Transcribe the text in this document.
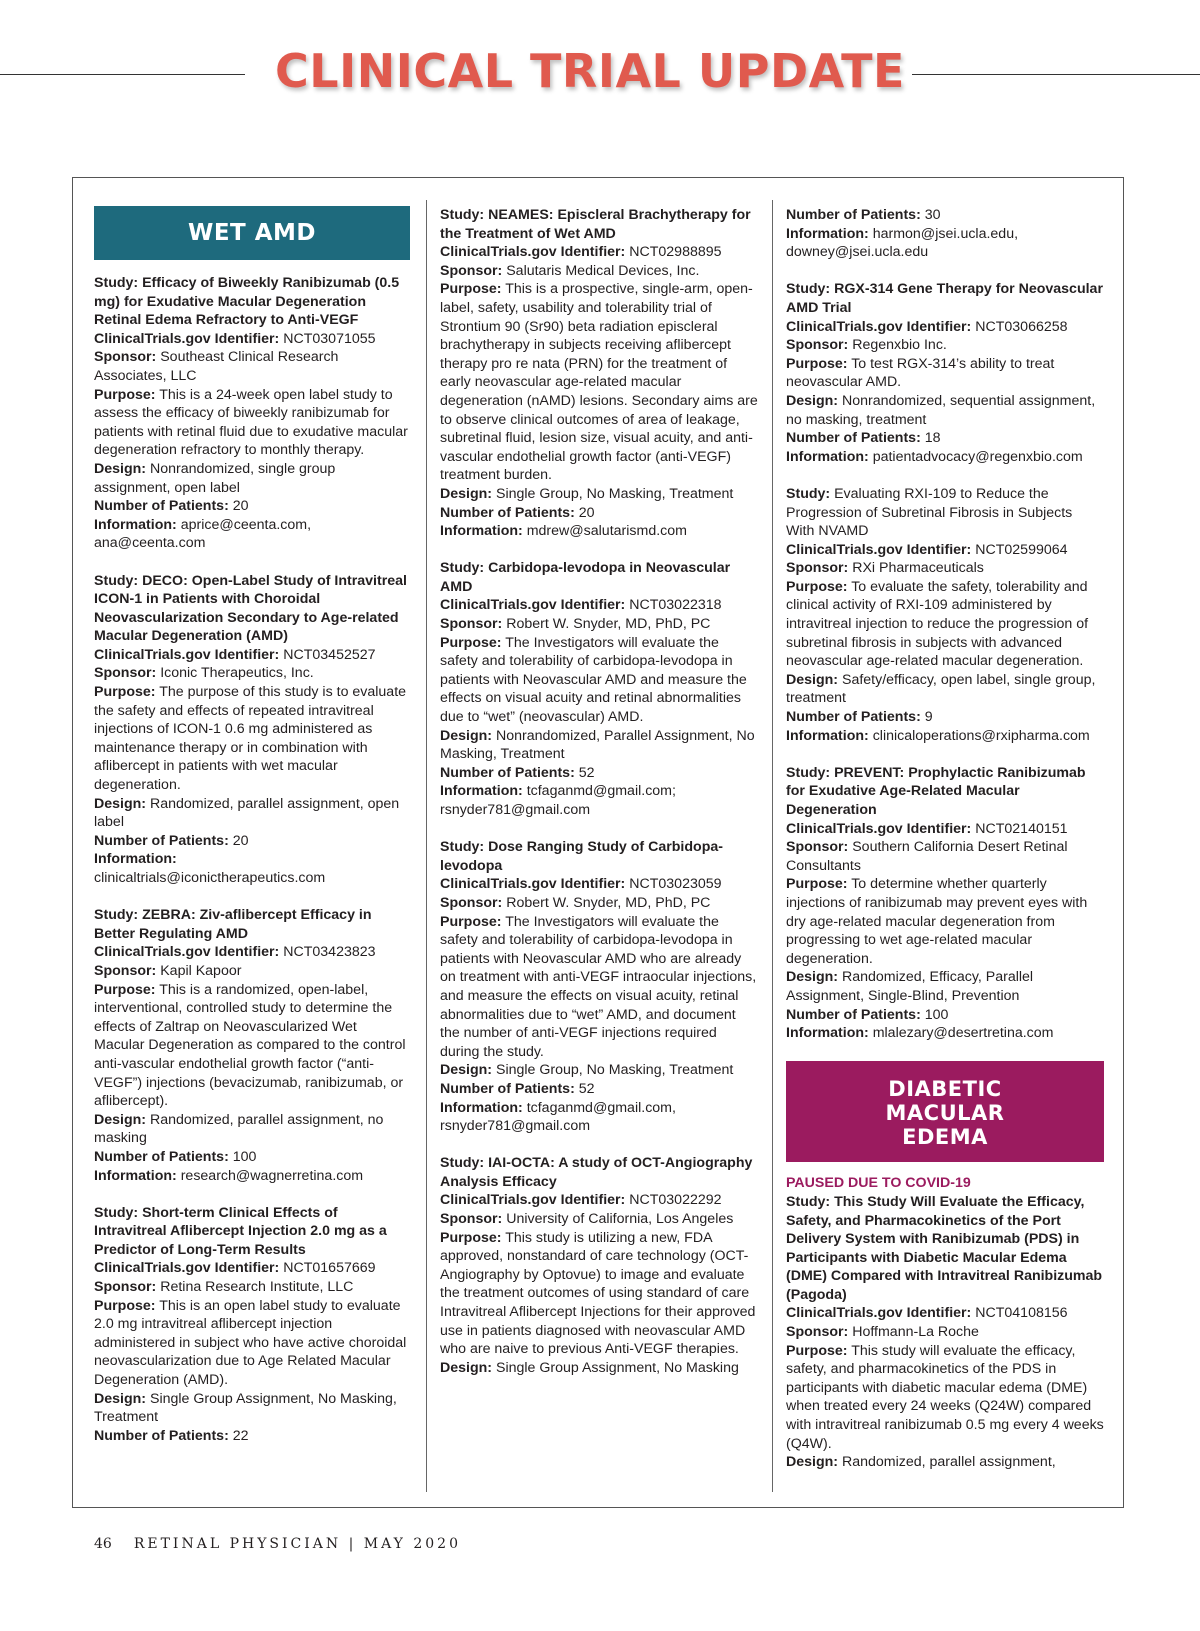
CLINICAL TRIAL UPDATE
WET AMD

Study: Efficacy of Biweekly Ranibizumab (0.5 mg) for Exudative Macular Degeneration Retinal Edema Refractory to Anti-VEGF

ClinicalTrials.gov Identifier: NCT03071055

Sponsor: Southeast Clinical Research Associates, LLC

Purpose: This is a 24-week open label study to assess the efficacy of biweekly ranibizumab for patients with retinal fluid due to exudative macular degeneration refractory to monthly therapy.

Design: Nonrandomized, single group assignment, open label

Number of Patients: 20

Information: aprice@ceenta.com, ana@ceenta.com

Study: DECO: Open-Label Study of Intravitreal ICON-1 in Patients with Choroidal Neovascularization Secondary to Age-related Macular Degeneration (AMD)

ClinicalTrials.gov Identifier: NCT03452527

Sponsor: Iconic Therapeutics, Inc.

Purpose: The purpose of this study is to evaluate the safety and effects of repeated intravitreal injections of ICON-1 0.6 mg administered as maintenance therapy or in combination with aflibercept in patients with wet macular degeneration.

Design: Randomized, parallel assignment, open label

Number of Patients: 20

Information: clinicaltrials@iconictherapeutics.com

Study: ZEBRA: Ziv-aflibercept Efficacy in Better Regulating AMD

ClinicalTrials.gov Identifier: NCT03423823

Sponsor: Kapil Kapoor

Purpose: This is a randomized, open-label, interventional, controlled study to determine the effects of Zaltrap on Neovascularized Wet Macular Degeneration as compared to the control anti-vascular endothelial growth factor (“anti-VEGF”) injections (bevacizumab, ranibizumab, or aflibercept).

Design: Randomized, parallel assignment, no masking

Number of Patients: 100

Information: research@wagnerretina.com

Study: Short-term Clinical Effects of Intravitreal Aflibercept Injection 2.0 mg as a Predictor of Long-Term Results

ClinicalTrials.gov Identifier: NCT01657669

Sponsor: Retina Research Institute, LLC

Purpose: This is an open label study to evaluate 2.0 mg intravitreal aflibercept injection administered in subject who have active choroidal neovascularization due to Age Related Macular Degeneration (AMD).

Design: Single Group Assignment, No Masking, Treatment

Number of Patients: 22

Study: NEAMES: Episcleral Brachytherapy for the Treatment of Wet AMD

ClinicalTrials.gov Identifier: NCT02988895

Sponsor: Salutaris Medical Devices, Inc.

Purpose: This is a prospective, single-arm, open-label, safety, usability and tolerability trial of Strontium 90 (Sr90) beta radiation episcleral brachytherapy in subjects receiving aflibercept therapy pro re nata (PRN) for the treatment of early neovascular age-related macular degeneration (nAMD) lesions. Secondary aims are to observe clinical outcomes of area of leakage, subretinal fluid, lesion size, visual acuity, and anti-vascular endothelial growth factor (anti-VEGF) treatment burden.

Design: Single Group, No Masking, Treatment

Number of Patients: 20

Information: mdrew@salutarismd.com

Study: Carbidopa-levodopa in Neovascular AMD

ClinicalTrials.gov Identifier: NCT03022318

Sponsor: Robert W. Snyder, MD, PhD, PC

Purpose: The Investigators will evaluate the safety and tolerability of carbidopa-levodopa in patients with Neovascular AMD and measure the effects on visual acuity and retinal abnormalities due to “wet” (neovascular) AMD.

Design: Nonrandomized, Parallel Assignment, No Masking, Treatment

Number of Patients: 52

Information: tcfaganmd@gmail.com; rsnyder781@gmail.com

Study: Dose Ranging Study of Carbidopa-levodopa

ClinicalTrials.gov Identifier: NCT03023059

Sponsor: Robert W. Snyder, MD, PhD, PC

Purpose: The Investigators will evaluate the safety and tolerability of carbidopa-levodopa in patients with Neovascular AMD who are already on treatment with anti-VEGF intraocular injections, and measure the effects on visual acuity, retinal abnormalities due to “wet” AMD, and document the number of anti-VEGF injections required during the study.

Design: Single Group, No Masking, Treatment

Number of Patients: 52

Information: tcfaganmd@gmail.com, rsnyder781@gmail.com

Study: IAI-OCTA: A study of OCT-Angiography Analysis Efficacy

ClinicalTrials.gov Identifier: NCT03022292

Sponsor: University of California, Los Angeles

Purpose: This study is utilizing a new, FDA approved, nonstandard of care technology (OCT-Angiography by Optovue) to image and evaluate the treatment outcomes of using standard of care Intravitreal Aflibercept Injections for their approved use in patients diagnosed with neovascular AMD who are naive to previous Anti-VEGF therapies.

Design: Single Group Assignment, No Masking

Number of Patients: 30

Information: harmon@jsei.ucla.edu, downey@jsei.ucla.edu

Study: RGX-314 Gene Therapy for Neovascular AMD Trial

ClinicalTrials.gov Identifier: NCT03066258

Sponsor: Regenxbio Inc.

Purpose: To test RGX-314’s ability to treat neovascular AMD.

Design: Nonrandomized, sequential assignment, no masking, treatment

Number of Patients: 18

Information: patientadvocacy@regenxbio.com

Study: Evaluating RXI-109 to Reduce the Progression of Subretinal Fibrosis in Subjects With NVAMD

ClinicalTrials.gov Identifier: NCT02599064

Sponsor: RXi Pharmaceuticals

Purpose: To evaluate the safety, tolerability and clinical activity of RXI-109 administered by intravitreal injection to reduce the progression of subretinal fibrosis in subjects with advanced neovascular age-related macular degeneration.

Design: Safety/efficacy, open label, single group, treatment

Number of Patients: 9

Information: clinicaloperations@rxipharma.com

Study: PREVENT: Prophylactic Ranibizumab for Exudative Age-Related Macular Degeneration

ClinicalTrials.gov Identifier: NCT02140151

Sponsor: Southern California Desert Retinal Consultants

Purpose: To determine whether quarterly injections of ranibizumab may prevent eyes with dry age-related macular degeneration from progressing to wet age-related macular degeneration.

Design: Randomized, Efficacy, Parallel Assignment, Single-Blind, Prevention

Number of Patients: 100

Information: mlalezary@desertretina.com

DIABETIC MACULAR EDEMA

PAUSED DUE TO COVID-19

Study: This Study Will Evaluate the Efficacy, Safety, and Pharmacokinetics of the Port Delivery System with Ranibizumab (PDS) in Participants with Diabetic Macular Edema (DME) Compared with Intravitreal Ranibizumab (Pagoda)

ClinicalTrials.gov Identifier: NCT04108156

Sponsor: Hoffmann-La Roche

Purpose: This study will evaluate the efficacy, safety, and pharmacokinetics of the PDS in participants with diabetic macular edema (DME) when treated every 24 weeks (Q24W) compared with intravitreal ranibizumab 0.5 mg every 4 weeks (Q4W).

Design: Randomized, parallel assignment,

46 RETINAL PHYSICIAN | MAY 2020
